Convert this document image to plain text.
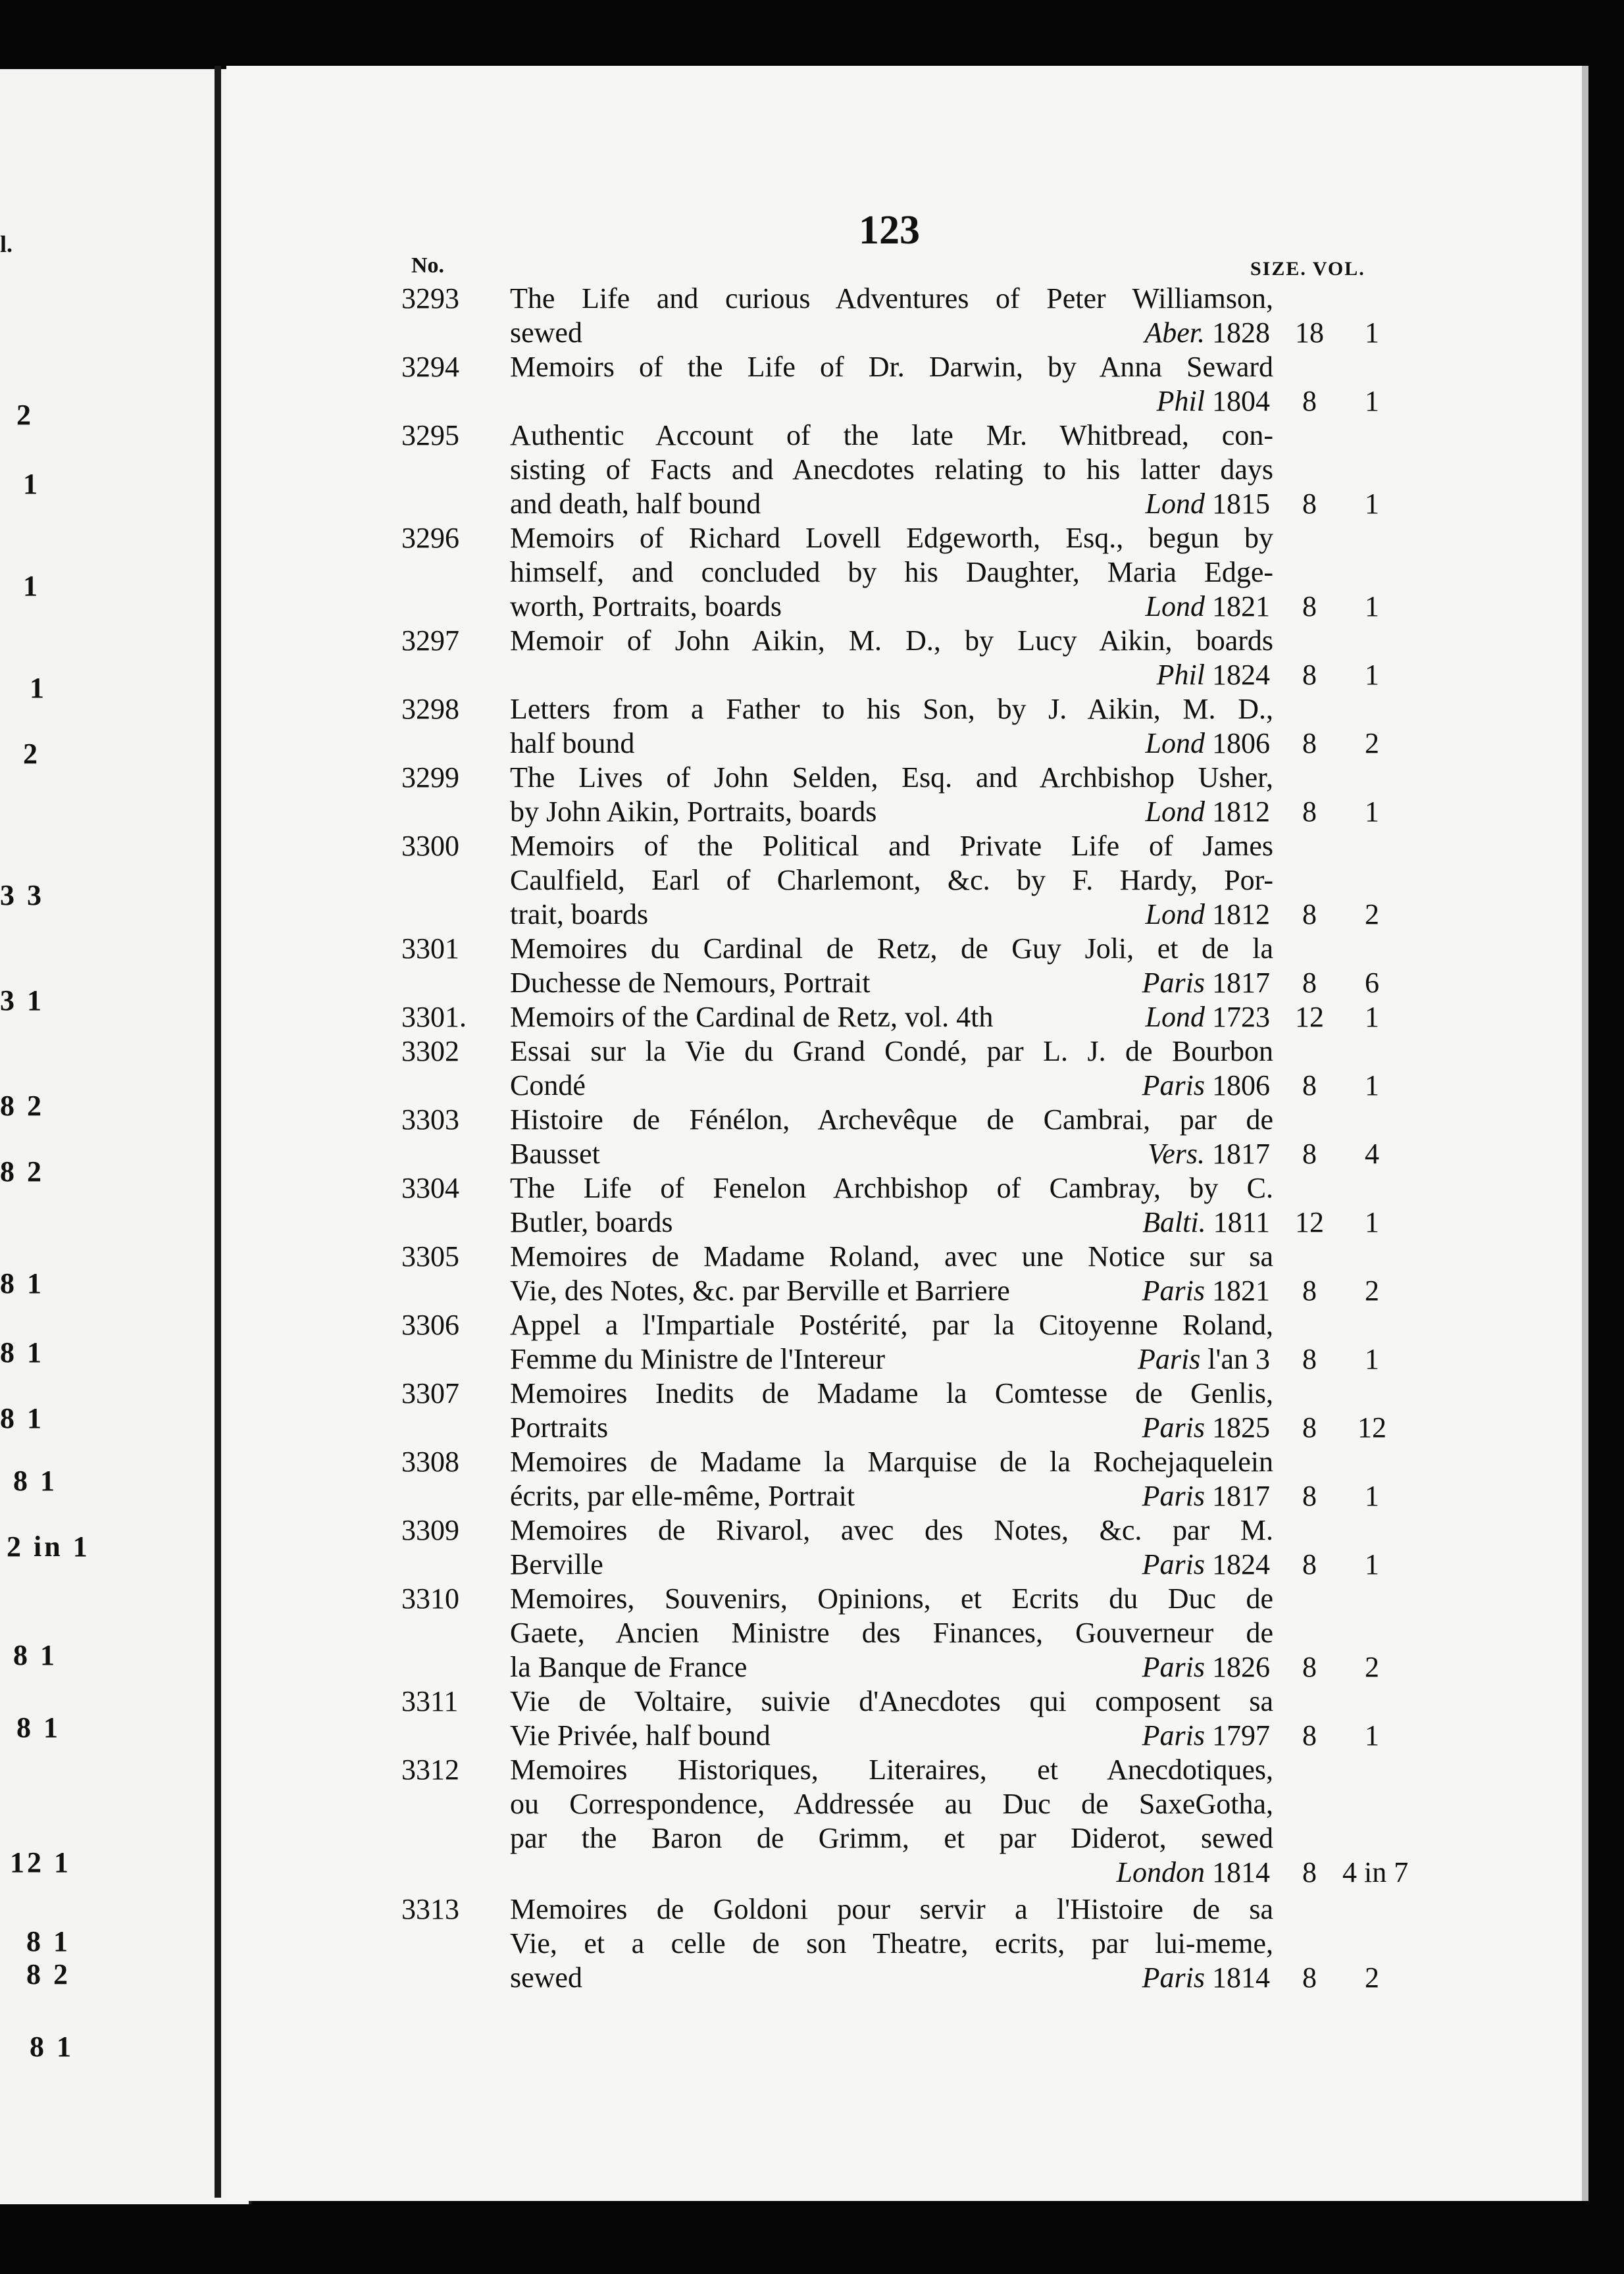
l.
2
1
1
1
2
3 3
3 1
8 2
8 2
8 1
8 1
8 1
8 1
2 in 1
8 1
8 1
12 1
8 1
8 2
8 1
123
No.	SIZE. VOL.
3293 The Life and curious Adventures of Peter Williamson,
sewed	Aber. 1828 18	1
3294 Memoirs of the Life of Dr. Darwin, by Anna Seward
Phil 1804	8	1
3295 Authentic Account of the late Mr. Whitbread, con-
sisting of Facts and Anecdotes relating to his latter days
and death, half bound	Lond 1815	8	1
3296 Memoirs of Richard Lovell Edgeworth, Esq., begun by
himself, and concluded by his Daughter, Maria Edge-
worth, Portraits, boards	Lond 1821	8	1
3297 Memoir of John Aikin, M. D., by Lucy Aikin, boards
Phil 1824	8	1
3298 Letters from a Father to his Son, by J. Aikin, M. D.,
half bound	Lond 1806	8	2
3299 The Lives of John Selden, Esq. and Archbishop Usher,
by John Aikin, Portraits, boards	Lond 1812	8	1
3300 Memoirs of the Political and Private Life of James
Caulfield, Earl of Charlemont, &c. by F. Hardy, Por-
trait, boards	Lond 1812	8	2
3301 Memoires du Cardinal de Retz, de Guy Joli, et de la
Duchesse de Nemours, Portrait	Paris 1817	8	6
3301. Memoirs of the Cardinal de Retz, vol. 4th	Lond 1723 12	1
3302 Essai sur la Vie du Grand Condé, par L. J. de Bourbon
Condé	Paris 1806	8	1
3303 Histoire de Fénélon, Archevêque de Cambrai, par de
Bausset	Vers. 1817	8	4
3304 The Life of Fenelon Archbishop of Cambray, by C.
Butler, boards	Balti. 1811 12	1
3305 Memoires de Madame Roland, avec une Notice sur sa
Vie, des Notes, &c. par Berville et Barriere	Paris 1821	8	2
3306 Appel a l'Impartiale Postérité, par la Citoyenne Roland,
Femme du Ministre de l'Intereur	Paris l'an 3	8	1
3307 Memoires Inedits de Madame la Comtesse de Genlis,
Portraits	Paris 1825	8	12
3308 Memoires de Madame la Marquise de la Rochejaquelein
écrits, par elle-même, Portrait	Paris 1817	8	1
3309 Memoires de Rivarol, avec des Notes, &c. par M.
Berville	Paris 1824	8	1
3310 Memoires, Souvenirs, Opinions, et Ecrits du Duc de
Gaete, Ancien Ministre des Finances, Gouverneur de
la Banque de France	Paris 1826	8	2
3311 Vie de Voltaire, suivie d'Anecdotes qui composent sa
Vie Privée, half bound	Paris 1797	8	1
3312 Memoires Historiques, Literaires, et Anecdotiques,
ou Correspondence, Addressée au Duc de SaxeGotha,
par the Baron de Grimm, et par Diderot, sewed
London 1814	8 4 in 7
3313 Memoires de Goldoni pour servir a l'Histoire de sa
Vie, et a celle de son Theatre, ecrits, par lui-meme,
sewed	Paris 1814	8	2
